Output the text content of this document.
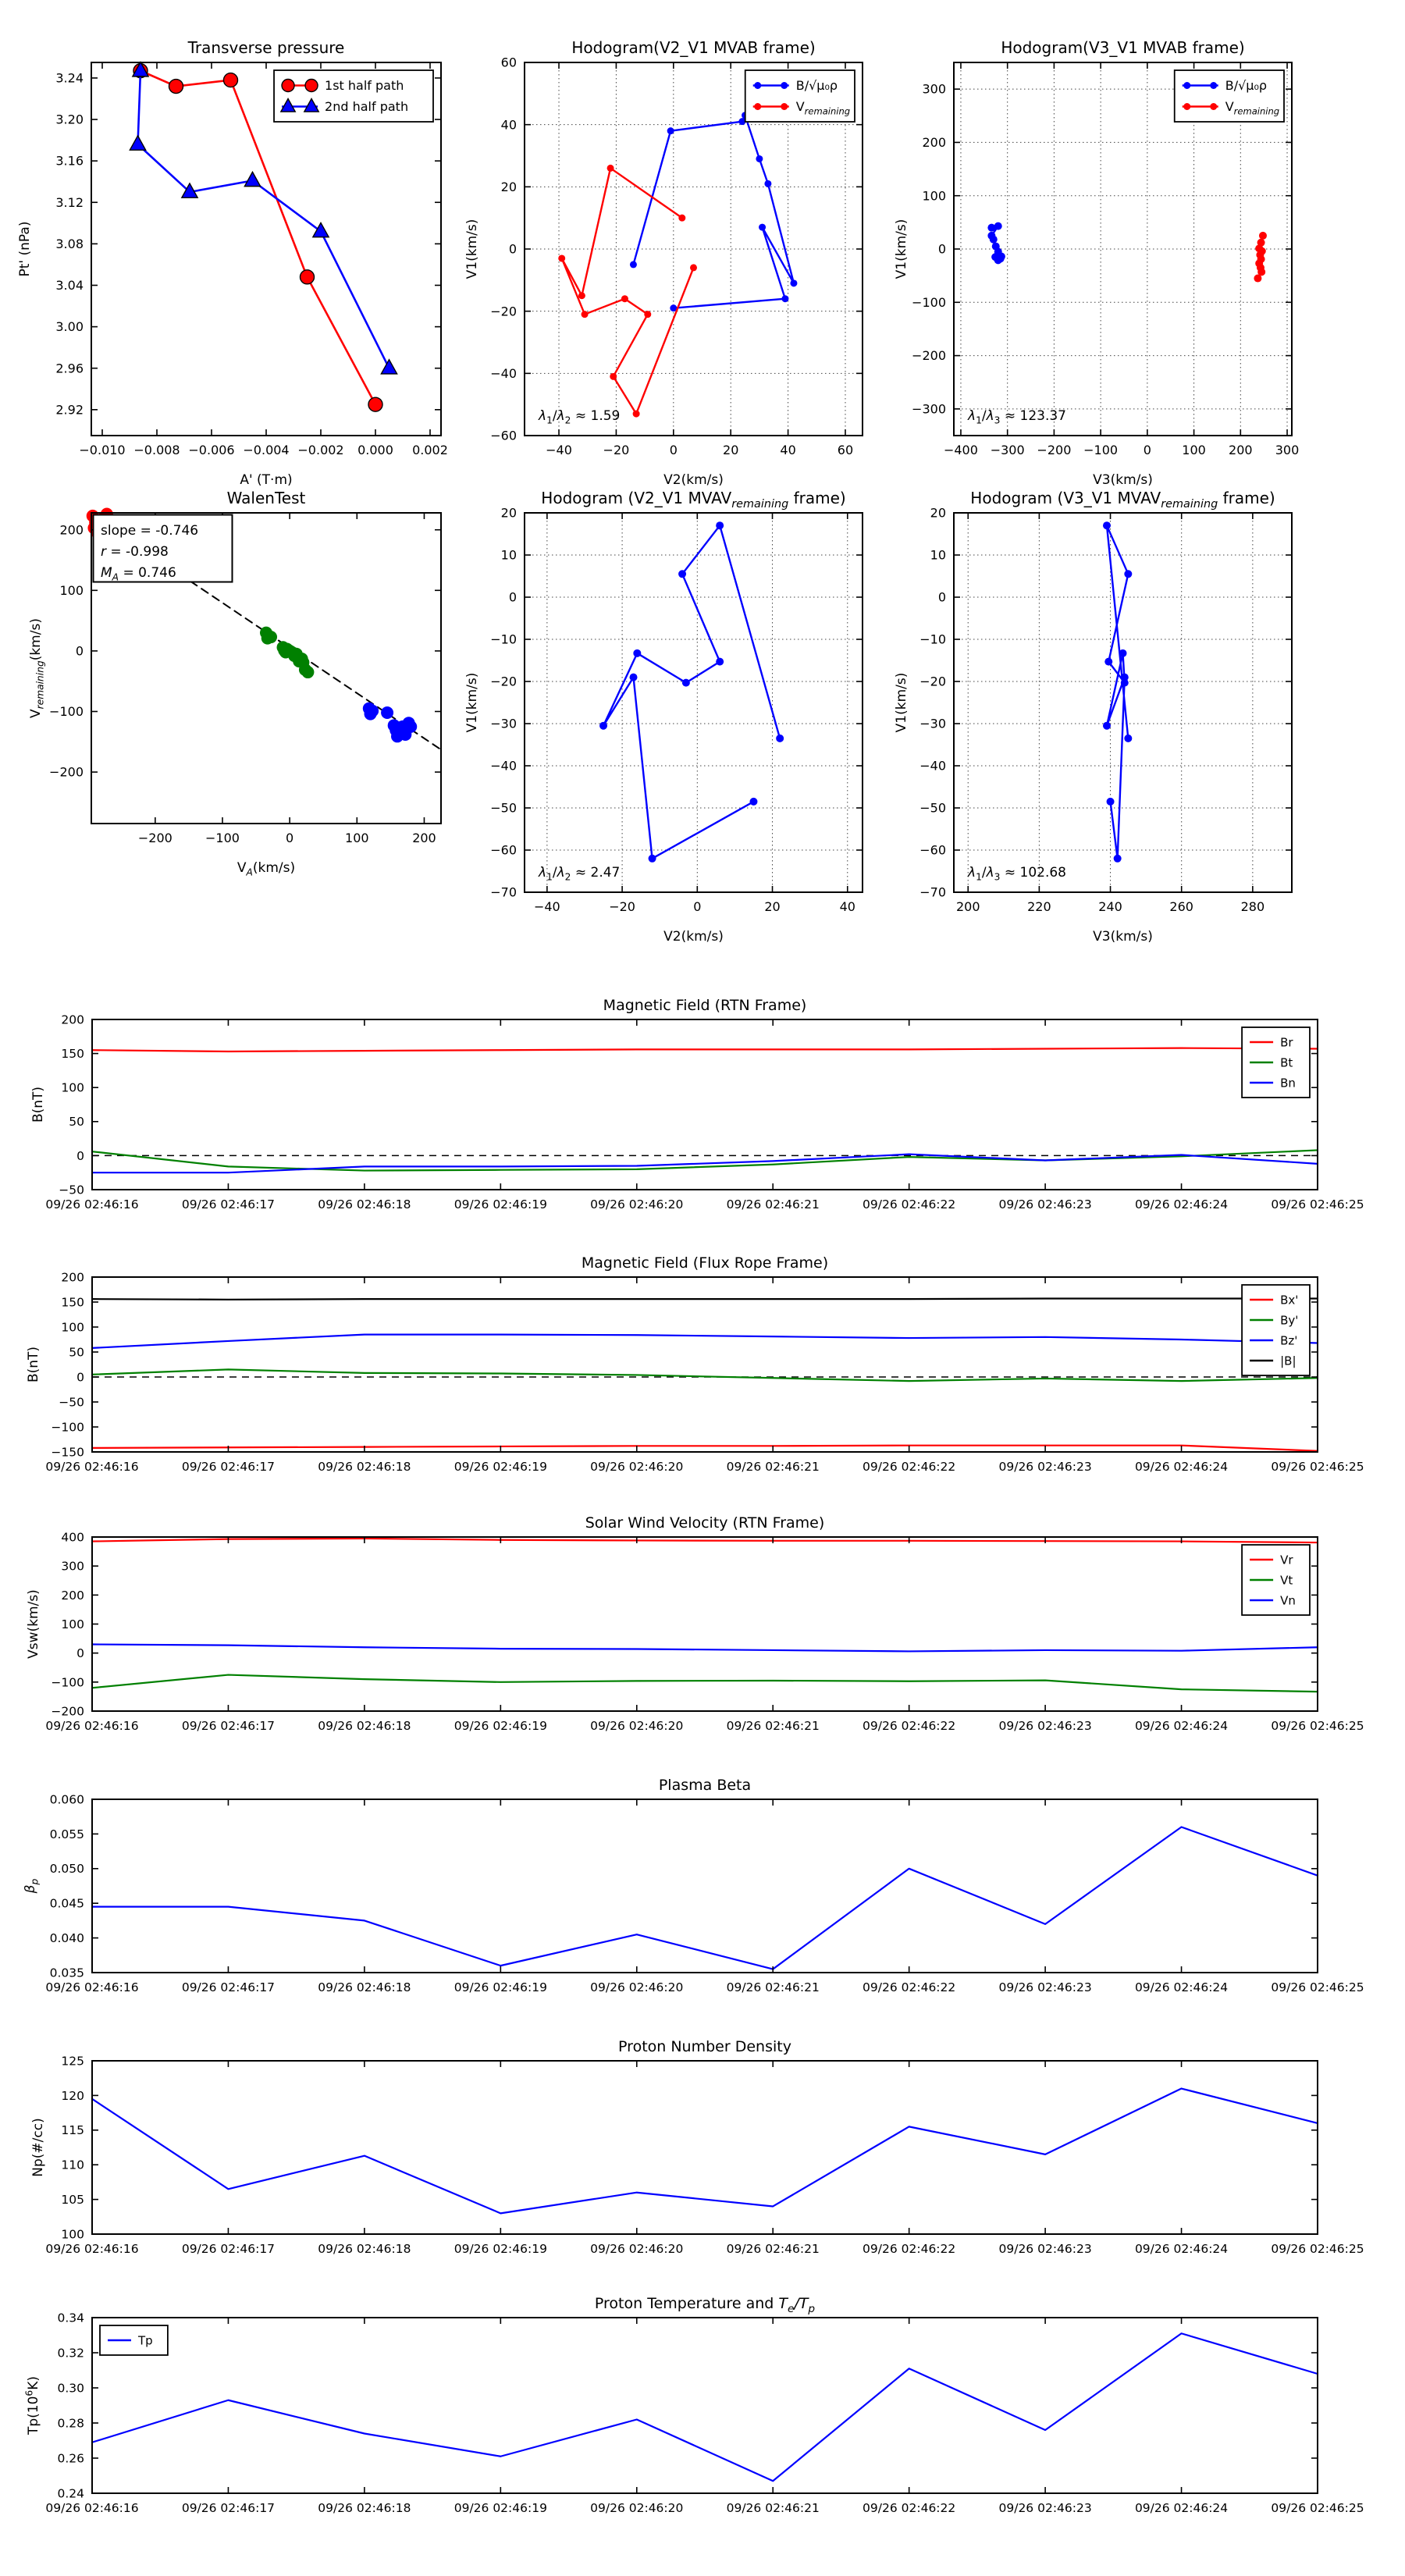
−0.010 −0.008 −0.006 −0.004 −0.002 0.000 0.002
2.92
2.96
3.00
3.04
3.08
3.12
3.16
3.20
3.24
Transverse pressure
A' (T·m)
Pt' (nPa)
1st half path
2nd half path
−40 −20	0	20	40	60
−60
−40
−20
0
20
40
60
Hodogram(V2_V1 MVAB frame)
V2(km/s)
V1(km/s)
B/√μ₀ρ
$V_{remaining}$
$\lambda_1/\lambda_2 \approx 1.59$
−400 −300 −200 −100 0 100 200 300
−300
−200
−100
0
100
200
300
Hodogram(V3_V1 MVAB frame)
V3(km/s)
V1(km/s)
B/√μ₀ρ
$V_{remaining}$
$\lambda_1/\lambda_3 \approx 123.37$
−200	−100	0	100	200
−200
−100
0
100
200
WalenTest
$V_A(km/s)$
$V_{remaining}(km/s)$
slope = -0.746
r = -0.998
$M_A = 0.746$
−40	−20	0	20	40
−70
−60
−50
−40
−30
−20
−10
0
10
20
Hodogram (V2_V1 $MVAV_{remaining}$ frame)
V2(km/s)
V1(km/s)
$\lambda_1/\lambda_2 \approx 2.47$
200	220	240	260	280
−70
−60
−50
−40
−30
−20
−10
0
10
20
Hodogram (V3_V1 $MVAV_{remaining}$ frame)
V3(km/s)
V1(km/s)
$\lambda_1/\lambda_3 \approx 102.68$
09/26 02:46:16	09/26 02:46:17	09/26 02:46:18	09/26 02:46:19	09/26 02:46:20	09/26 02:46:21	09/26 02:46:22	09/26 02:46:23	09/26 02:46:24	09/26 02:46:25
200
150
100
50
0
−50
Magnetic Field (RTN Frame)
B(nT)
Br
Bt
Bn
09/26 02:46:16	09/26 02:46:17	09/26 02:46:18	09/26 02:46:19	09/26 02:46:20	09/26 02:46:21	09/26 02:46:22	09/26 02:46:23	09/26 02:46:24	09/26 02:46:25
200
150
100
50
0
−50
−100
−150
Magnetic Field (Flux Rope Frame)
B(nT)
Bx'
By'
Bz'
|B|
09/26 02:46:16	09/26 02:46:17	09/26 02:46:18	09/26 02:46:19	09/26 02:46:20	09/26 02:46:21	09/26 02:46:22	09/26 02:46:23	09/26 02:46:24	09/26 02:46:25
400
300
200
100
0
−100
−200
Solar Wind Velocity (RTN Frame)
Vsw(km/s)
Vr
Vt
Vn
09/26 02:46:16	09/26 02:46:17	09/26 02:46:18	09/26 02:46:19	09/26 02:46:20	09/26 02:46:21	09/26 02:46:22	09/26 02:46:23	09/26 02:46:24	09/26 02:46:25
0.060
0.055
0.050
0.045
0.040
0.035
Plasma Beta
$\beta_p$
09/26 02:46:16	09/26 02:46:17	09/26 02:46:18	09/26 02:46:19	09/26 02:46:20	09/26 02:46:21	09/26 02:46:22	09/26 02:46:23	09/26 02:46:24	09/26 02:46:25
125
120
115
110
105
100
Proton Number Density
Np(#/cc)
09/26 02:46:16	09/26 02:46:17	09/26 02:46:18	09/26 02:46:19	09/26 02:46:20	09/26 02:46:21	09/26 02:46:22	09/26 02:46:23	09/26 02:46:24	09/26 02:46:25
0.34
0.32
0.30
0.28
0.26
0.24
Proton Temperature and $T_e/T_p$
$Tp(10^6K)$
Tp
